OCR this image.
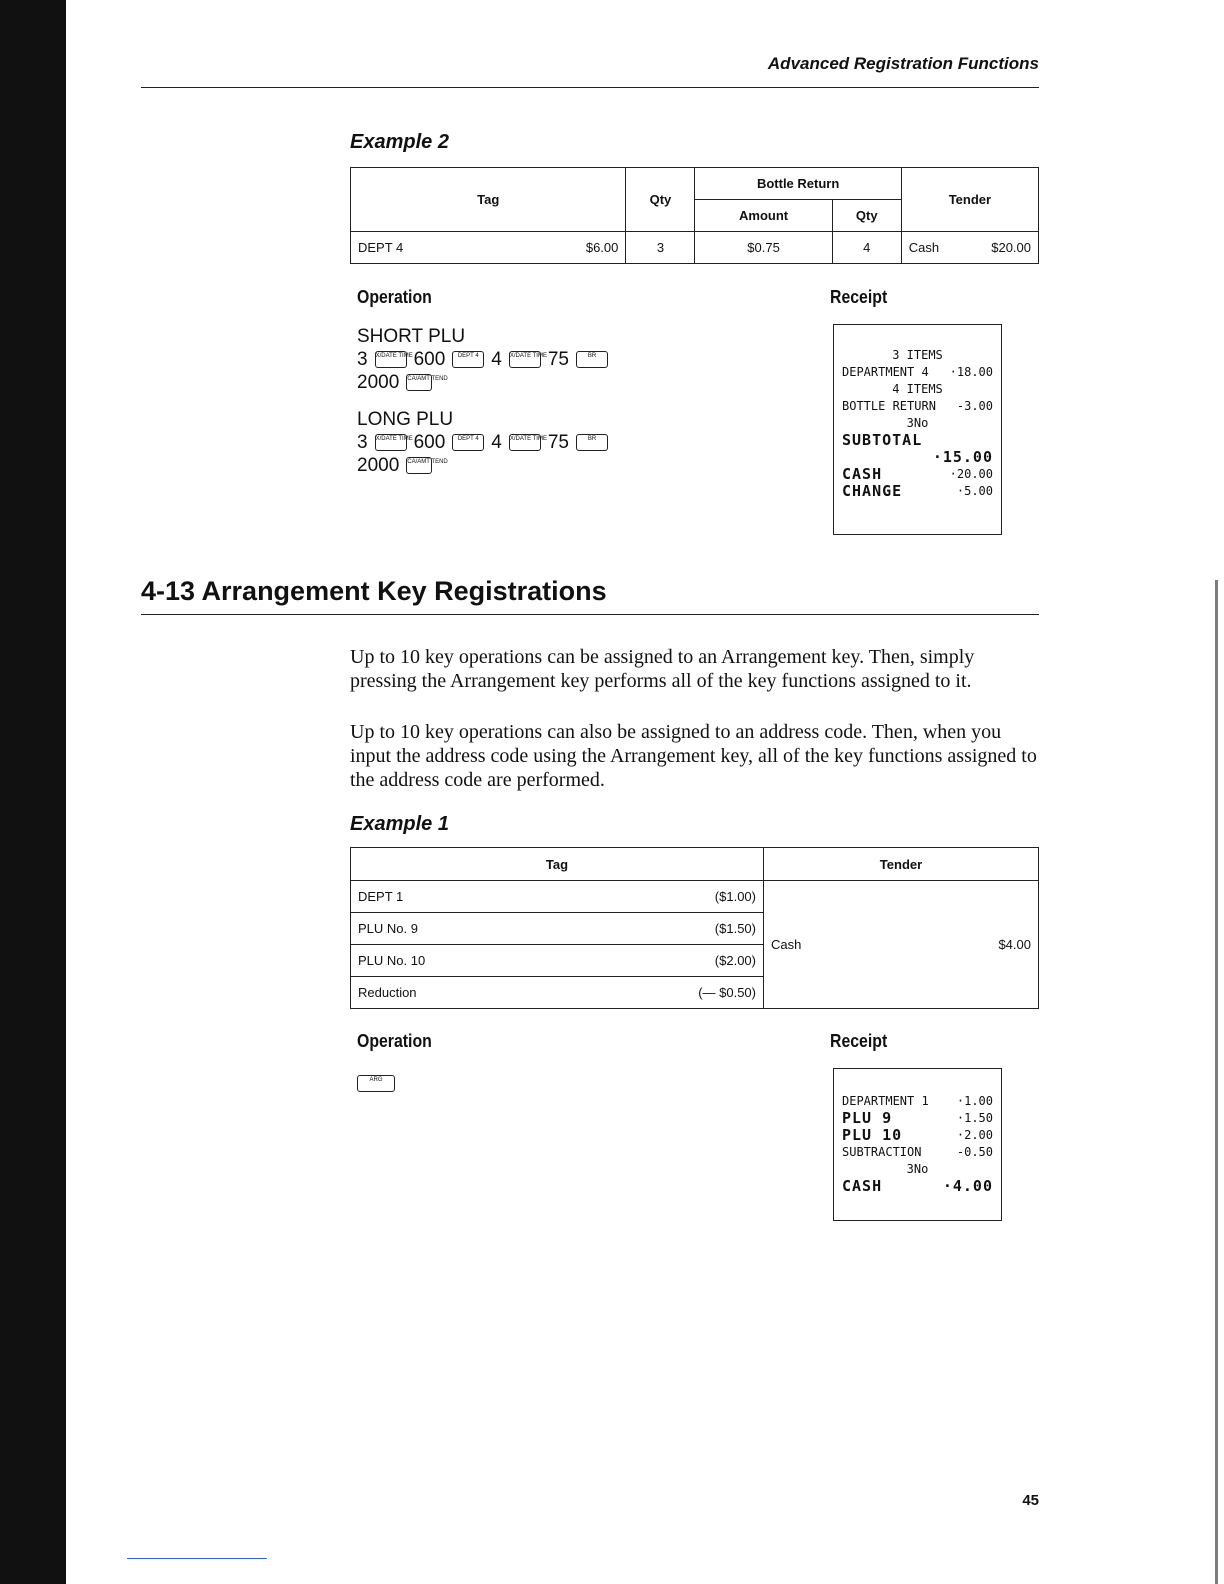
Advanced Registration Functions
Example 2
Tag	Qty	Bottle Return		Tender
		Amount	Qty	

DEPT 4 $6.00	3	$0.75	4	Cash $20.00
Operation	Receipt
SHORT PLU
3 X/DATE TIME 600	DEPT 4 4 X/DATE TIME 75	BR
2000 CA/AMT TEND
LONG PLU
3 X/DATE TIME 600	DEPT 4 4 X/DATE TIME 75	BR
2000 CA/AMT TEND
3 ITEMS
DEPARTMENT 4 ·18.00
4 ITEMS
BOTTLE RETURN -3.00
3No
SUBTOTAL
·15.00
CASH	·20.00
CHANGE	·5.00
4-13 Arrangement Key Registrations
Up to 10 key operations can be assigned to an Arrangement key. Then, simply pressing the Arrangement key performs all of the key functions assigned to it.
Up to 10 key operations can also be assigned to an address code. Then, when you input the address code using the Arrangement key, all of the key functions assigned to the address code are performed.
Example 1
Tag	Tender

DEPT 1 ($1.00)	Cash $4.00

PLU No. 9 ($1.50)	

PLU No. 10 ($2.00)	

Reduction (— $0.50)	
Operation	Receipt
ARG
DEPARTMENT 1 ·1.00
PLU 9	·1.50
PLU 10	·2.00
SUBTRACTION	-0.50
3No
CASH	·4.00
45
